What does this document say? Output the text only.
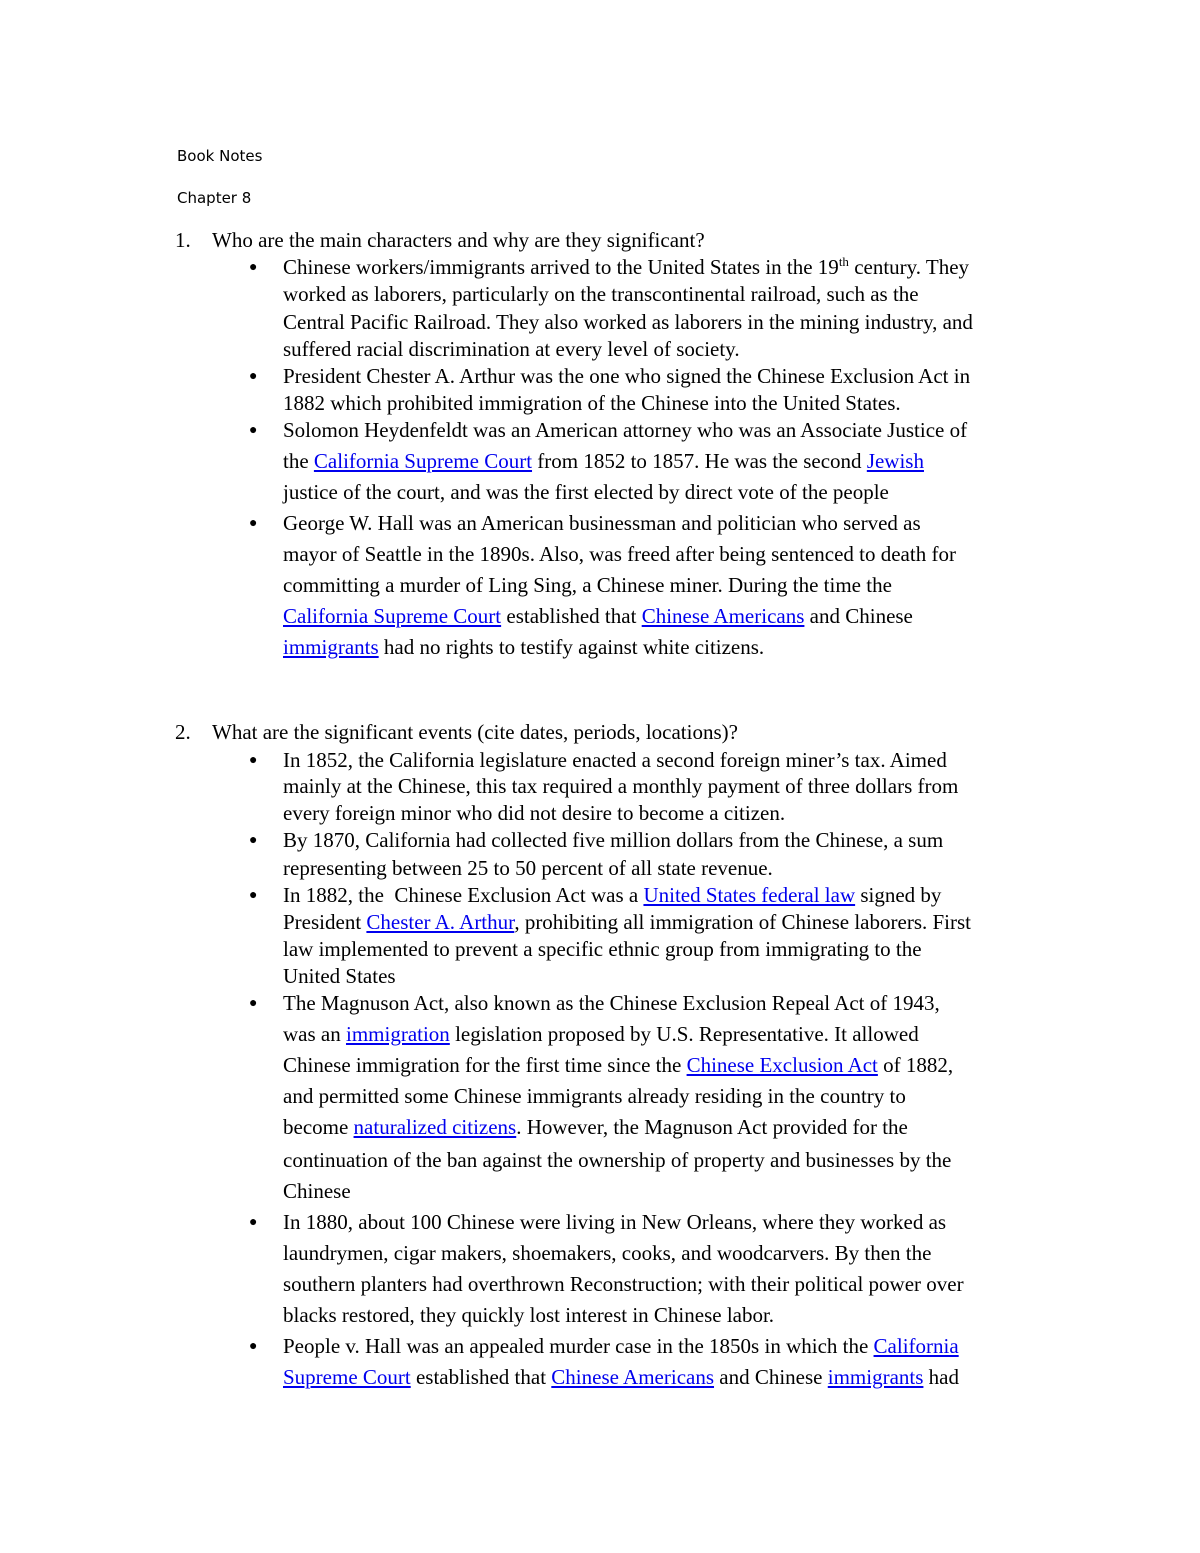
Book Notes
Chapter 8
1. Who are the main characters and why are they significant?
● Chinese workers/immigrants arrived to the United States in the 19th century. They
worked as laborers, particularly on the transcontinental railroad, such as the
Central Pacific Railroad. They also worked as laborers in the mining industry, and
suffered racial discrimination at every level of society.
● President Chester A. Arthur was the one who signed the Chinese Exclusion Act in
1882 which prohibited immigration of the Chinese into the United States.
● Solomon Heydenfeldt was an American attorney who was an Associate Justice of
the California Supreme Court from 1852 to 1857. He was the second Jewish
justice of the court, and was the first elected by direct vote of the people
● George W. Hall was an American businessman and politician who served as
mayor of Seattle in the 1890s. Also, was freed after being sentenced to death for
committing a murder of Ling Sing, a Chinese miner. During the time the
California Supreme Court established that Chinese Americans and Chinese
immigrants had no rights to testify against white citizens.
2. What are the significant events (cite dates, periods, locations)?
● In 1852, the California legislature enacted a second foreign miner’s tax. Aimed
mainly at the Chinese, this tax required a monthly payment of three dollars from
every foreign minor who did not desire to become a citizen.
● By 1870, California had collected five million dollars from the Chinese, a sum
representing between 25 to 50 percent of all state revenue.
● In 1882, the  Chinese Exclusion Act was a United States federal law signed by
President Chester A. Arthur, prohibiting all immigration of Chinese laborers. First
law implemented to prevent a specific ethnic group from immigrating to the
United States
● The Magnuson Act, also known as the Chinese Exclusion Repeal Act of 1943,
was an immigration legislation proposed by U.S. Representative. It allowed
Chinese immigration for the first time since the Chinese Exclusion Act of 1882,
and permitted some Chinese immigrants already residing in the country to
become naturalized citizens. However, the Magnuson Act provided for the
continuation of the ban against the ownership of property and businesses by the
Chinese
● In 1880, about 100 Chinese were living in New Orleans, where they worked as
laundrymen, cigar makers, shoemakers, cooks, and woodcarvers. By then the
southern planters had overthrown Reconstruction; with their political power over
blacks restored, they quickly lost interest in Chinese labor.
● People v. Hall was an appealed murder case in the 1850s in which the California
Supreme Court established that Chinese Americans and Chinese immigrants had
